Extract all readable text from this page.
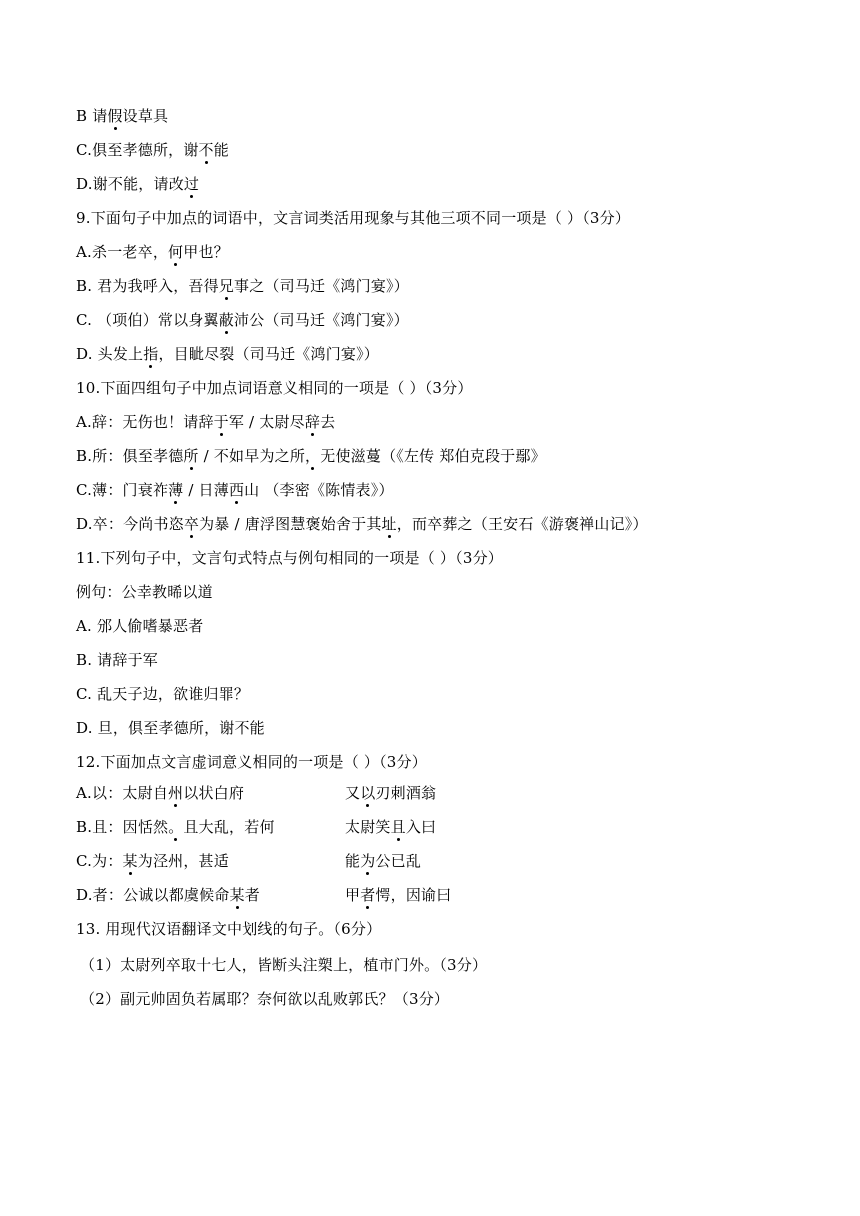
B 请假设草具
C.俱至孝德所，谢不能
D.谢不能，请改过
9.下面句子中加点的词语中，文言词类活用现象与其他三项不同一项是（ ）（3分）
A.杀一老卒，何甲也？
B. 君为我呼入，吾得兄事之（司马迁《鸿门宴》）
C. （项伯）常以身翼蔽沛公（司马迁《鸿门宴》）
D. 头发上指，目眦尽裂（司马迁《鸿门宴》）
10.下面四组句子中加点词语意义相同的一项是（ ）（3分）
A.辞：无伤也！请辞于军 / 太尉尽辞去
B.所：俱至孝德所 / 不如早为之所，无使滋蔓（《左传 郑伯克段于鄢》
C.薄：门衰祚薄 / 日薄西山 （李密《陈情表》）
D.卒：今尚书恣卒为暴 / 唐浮图慧褒始舍于其址，而卒葬之（王安石《游褒禅山记》）
11.下列句子中，文言句式特点与例句相同的一项是（ ）（3分）
例句：公幸教晞以道
A. 邠人偷嗜暴恶者
B. 请辞于军
C. 乱天子边，欲谁归罪？
D. 旦，俱至孝德所，谢不能
12.下面加点文言虚词意义相同的一项是（ ）（3分）
A.以：太尉自州以状白府	又以刃刺酒翁
B.且：因恬然。且大乱，若何	太尉笑且入曰
C.为：某为泾州，甚适	能为公已乱
D.者：公诚以都虞候命某者	甲者愕，因谕曰
13. 用现代汉语翻译文中划线的句子。（6分）
（1）太尉列卒取十七人，皆断头注槊上，植市门外。（3分）
（2）副元帅固负若属耶？奈何欲以乱败郭氏？（3分）
